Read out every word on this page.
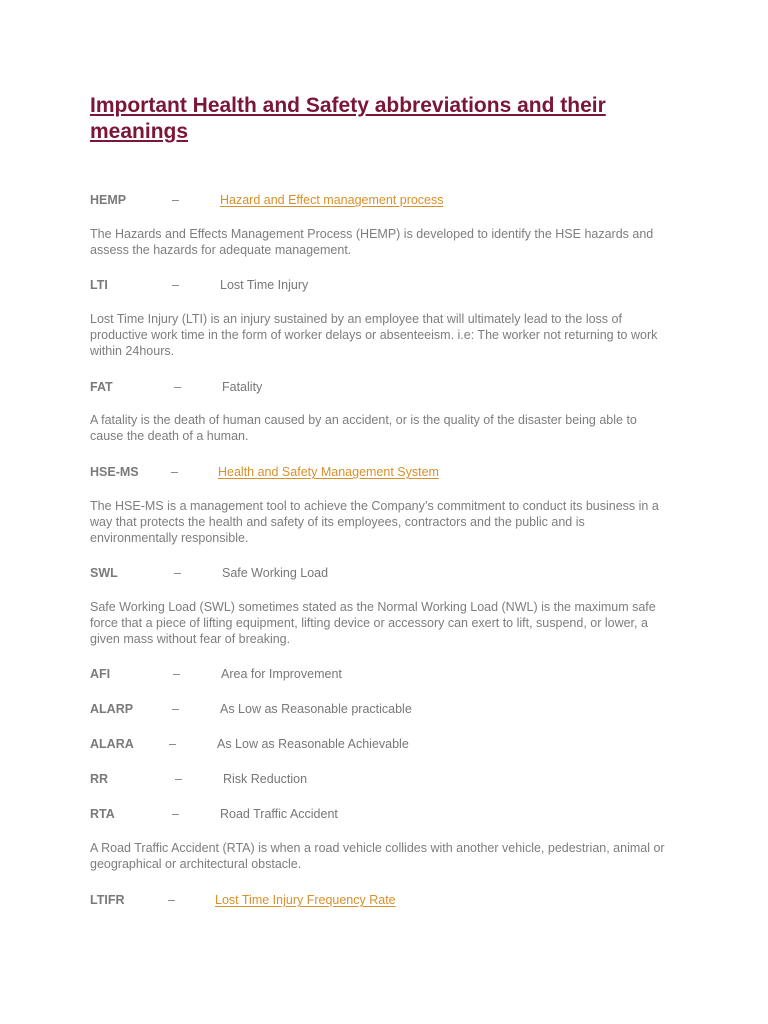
Important Health and Safety abbreviations and their meanings
HEMP	–	Hazard and Effect management process

The Hazards and Effects Management Process (HEMP) is developed to identify the HSE hazards and assess the hazards for adequate management.

LTI	–	Lost Time Injury

Lost Time Injury (LTI) is an injury sustained by an employee that will ultimately lead to the loss of productive work time in the form of worker delays or absenteeism. i.e: The worker not returning to work within 24hours.

FAT	–	Fatality

A fatality is the death of human caused by an accident, or is the quality of the disaster being able to cause the death of a human.

HSE-MS	–	Health and Safety Management System

The HSE-MS is a management tool to achieve the Company’s commitment to conduct its business in a way that protects the health and safety of its employees, contractors and the public and is environmentally responsible.

SWL	–	Safe Working Load

Safe Working Load (SWL) sometimes stated as the Normal Working Load (NWL) is the maximum safe force that a piece of lifting equipment, lifting device or accessory can exert to lift, suspend, or lower, a given mass without fear of breaking.

AFI	–	Area for Improvement
ALARP	–	As Low as Reasonable practicable
ALARA	–	As Low as Reasonable Achievable
RR	–	Risk Reduction
RTA	–	Road Traffic Accident

A Road Traffic Accident (RTA) is when a road vehicle collides with another vehicle, pedestrian, animal or geographical or architectural obstacle.

LTIFR	–	Lost Time Injury Frequency Rate
